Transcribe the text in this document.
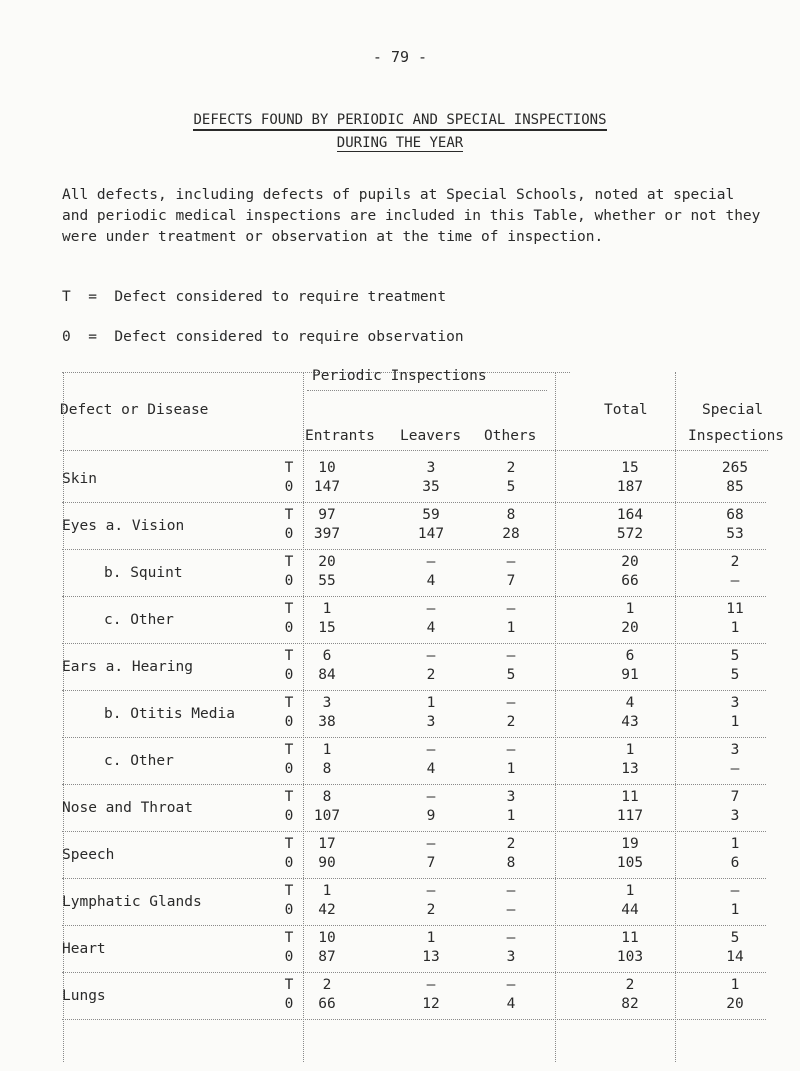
- 79 -
DEFECTS FOUND BY PERIODIC AND SPECIAL INSPECTIONS
DURING THE YEAR
All defects, including defects of pupils at Special Schools, noted at special and periodic medical inspections are included in this Table, whether or not they were under treatment or observation at the time of inspection.
T  =  Defect considered to require treatment
0  =  Defect considered to require observation
Defect or Disease
Periodic Inspections
Entrants Leavers Others
Total	Special
Inspections
Skin
T	10	3	2	15	265
0	147	35	5	187	85
Eyes a. Vision
T	97	59	8	164	68
0	397	147	28	572	53
b. Squint
T	20	–	–	20	2
0	55	4	7	66	–
c. Other
T	1	–	–	1	11
0	15	4	1	20	1
Ears a. Hearing
T	6	–	–	6	5
0	84	2	5	91	5
b. Otitis Media
T	3	1	–	4	3
0	38	3	2	43	1
c. Other
T	1	–	–	1	3
0	8	4	1	13	–
Nose and Throat
T	8	–	3	11	7
0	107	9	1	117	3
Speech
T	17	–	2	19	1
0	90	7	8	105	6
Lymphatic Glands
T	1	–	–	1	–
0	42	2	–	44	1
Heart
T	10	1	–	11	5
0	87	13	3	103	14
Lungs
T	2	–	–	2	1
0	66	12	4	82	20
